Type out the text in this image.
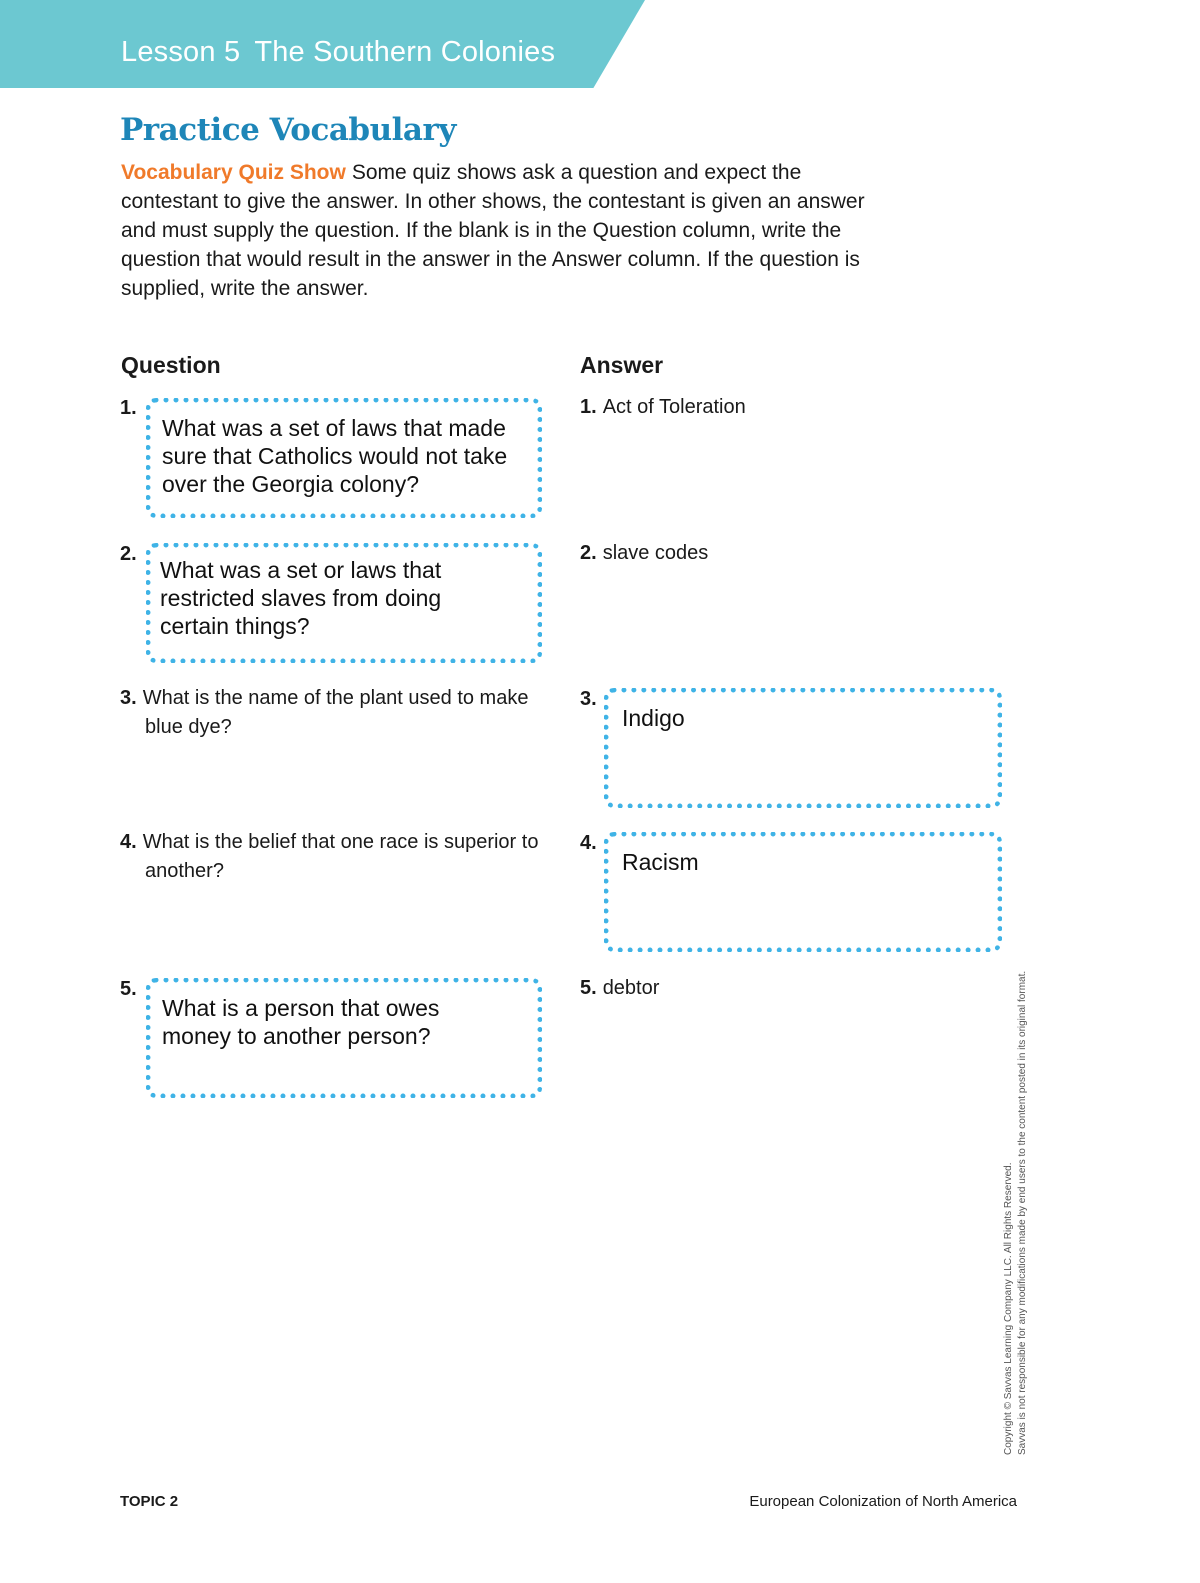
Lesson 5 The Southern Colonies
Practice Vocabulary
Vocabulary Quiz Show Some quiz shows ask a question and expect the contestant to give the answer. In other shows, the contestant is given an answer and must supply the question. If the blank is in the Question column, write the question that would result in the answer in the Answer column. If the question is supplied, write the answer.
Question	Answer
1.
What was a set of laws that made sure that Catholics would not take over the Georgia colony?
1. Act of Toleration
2.
What was a set or laws that restricted slaves from doing certain things?
2. slave codes
3. What is the name of the plant used to make blue dye?
3.
Indigo
4. What is the belief that one race is superior to another?
4.
Racism
5.
What is a person that owes money to another person?
5. debtor
Copyright © Savvas Learning Company LLC. All Rights Reserved. Savvas is not responsible for any modifications made by end users to the content posted in its original format.
TOPIC 2	European Colonization of North America
